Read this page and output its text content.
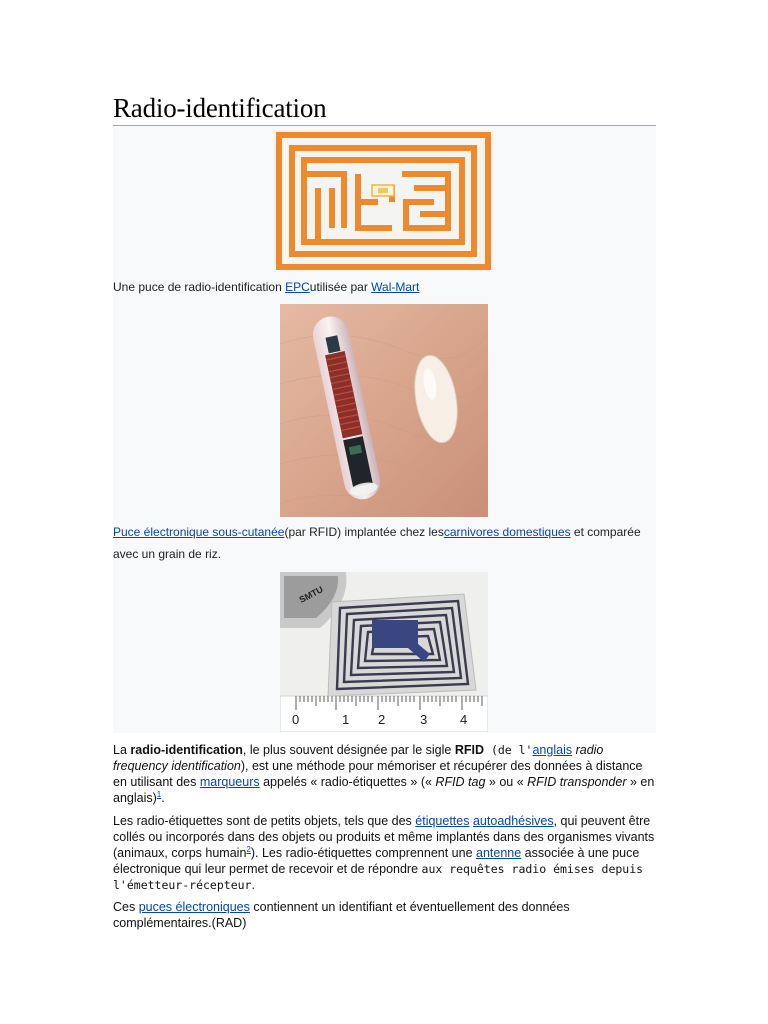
Radio-identification
Une puce de radio-identification EPCutilisée par Wal-Mart
Puce électronique sous-cutanée(par RFID) implantée chez lescarnivores domestiques et comparée
avec un grain de riz.
SMTU
0	1 2	3	4

La radio-identification, le plus souvent désignée par le sigle RFID (de l'anglais radio frequency identification), est une méthode pour mémoriser et récupérer des données à distance en utilisant des marqueurs appelés « radio-étiquettes » (« RFID tag » ou « RFID transponder » en anglais)$^1$.

Les radio-étiquettes sont de petits objets, tels que des étiquettes autoadhésives, qui peuvent être collés ou incorporés dans des objets ou produits et même implantés dans des organismes vivants (animaux, corps humain$^2$). Les radio-étiquettes comprennent une antenne associée à une puce électronique qui leur permet de recevoir et de répondre aux requêtes radio émises depuis l'émetteur-récepteur.

Ces puces électroniques contiennent un identifiant et éventuellement des données complémentaires.(RAD)
